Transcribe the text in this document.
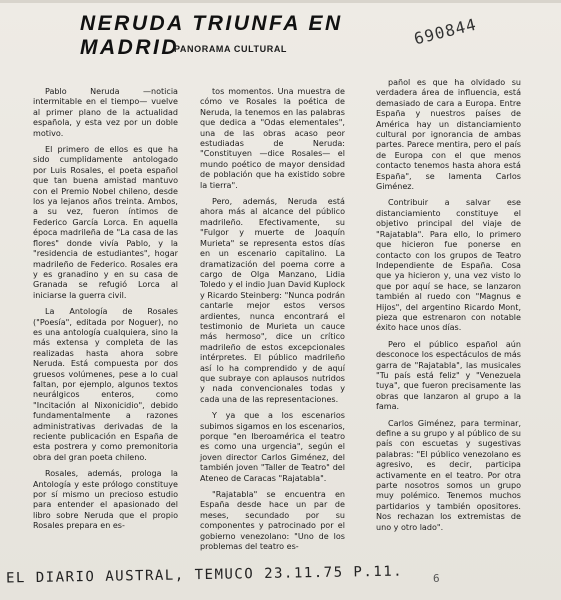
NERUDA TRIUNFA EN MADRID
PANORAMA CULTURAL
690844

Pablo Neruda —noticia intermitable en el tiempo— vuelve al primer plano de la actualidad española, y esta vez por un doble motivo.

El primero de ellos es que ha sido cumplidamente antologado por Luis Rosales, el poeta español que tan buena amistad mantuvo con el Premio Nobel chileno, desde los ya lejanos años treinta. Ambos, a su vez, fueron íntimos de Federico García Lorca. En aquella época madrileña de "La casa de las flores" donde vivía Pablo, y la "residencia de estudiantes", hogar madrileño de Federico. Rosales era y es granadino y en su casa de Granada se refugió Lorca al iniciarse la guerra civil.

La Antología de Rosales ("Poesía", editada por Noguer), no es una antología cualquiera, sino la más extensa y completa de las realizadas hasta ahora sobre Neruda. Está compuesta por dos gruesos volúmenes, pese a lo cual faltan, por ejemplo, algunos textos neurálgicos enteros, como "Incitación al Nixonicidio", debido fundamentalmente a razones administrativas derivadas de la reciente publicación en España de esta postrera y como premonitoria obra del gran poeta chileno.

Rosales, además, prologa la Antología y este prólogo constituye por sí mismo un precioso estudio para entender el apasionado del libro sobre Neruda que el propio Rosales prepara en es-

tos momentos. Una muestra de cómo ve Rosales la poética de Neruda, la tenemos en las palabras que dedica a "Odas elementales", una de las obras acaso peor estudiadas de Neruda: "Constituyen —dice Rosales— el mundo poético de mayor densidad de población que ha existido sobre la tierra".

Pero, además, Neruda está ahora más al alcance del público madrileño. Efectivamente, su "Fulgor y muerte de Joaquín Murieta" se representa estos días en un escenario capitalino. La dramatización del poema corre a cargo de Olga Manzano, Lidia Toledo y el indio Juan David Kuplock y Ricardo Steinberg: "Nunca podrán cantarle mejor estos versos ardientes, nunca encontrará el testimonio de Murieta un cauce más hermoso", dice un crítico madrileño de estos excepcionales intérpretes. El público madrileño así lo ha comprendido y de aquí que subraye con aplausos nutridos y nada convencionales todas y cada una de las representaciones.

Y ya que a los escenarios subimos sigamos en los escenarios, porque "en Iberoamérica el teatro es como una urgencia", según el joven director Carlos Giménez, del también joven "Taller de Teatro" del Ateneo de Caracas "Rajatabla".

"Rajatabla" se encuentra en España desde hace un par de meses, secundado por su componentes y patrocinado por el gobierno venezolano: "Uno de los problemas del teatro es-

pañol es que ha olvidado su verdadera área de influencia, está demasiado de cara a Europa. Entre España y nuestros países de América hay un distanciamiento cultural por ignorancia de ambas partes. Parece mentira, pero el país de Europa con el que menos contacto tenemos hasta ahora está España", se lamenta Carlos Giménez.

Contribuir a salvar ese distanciamiento constituye el objetivo principal del viaje de "Rajatabla". Para ello, lo primero que hicieron fue ponerse en contacto con los grupos de Teatro Independiente de España. Cosa que ya hicieron y, una vez visto lo que por aquí se hace, se lanzaron también al ruedo con "Magnus e Hijos", del argentino Ricardo Mont, pieza que estrenaron con notable éxito hace unos días.

Pero el público español aún desconoce los espectáculos de más garra de "Rajatabla", las musicales "Tu país está feliz" y "Venezuela tuya", que fueron precisamente las obras que lanzaron al grupo a la fama.

Carlos Giménez, para terminar, define a su grupo y al público de su país con escuetas y sugestivas palabras: "El público venezolano es agresivo, es decir, participa activamente en el teatro. Por otra parte nosotros somos un grupo muy polémico. Tenemos muchos partidarios y también opositores. Nos rechazan los extremistas de uno y otro lado".

EL DIARIO AUSTRAL, TEMUCO 23.11.75 P.11.	6
